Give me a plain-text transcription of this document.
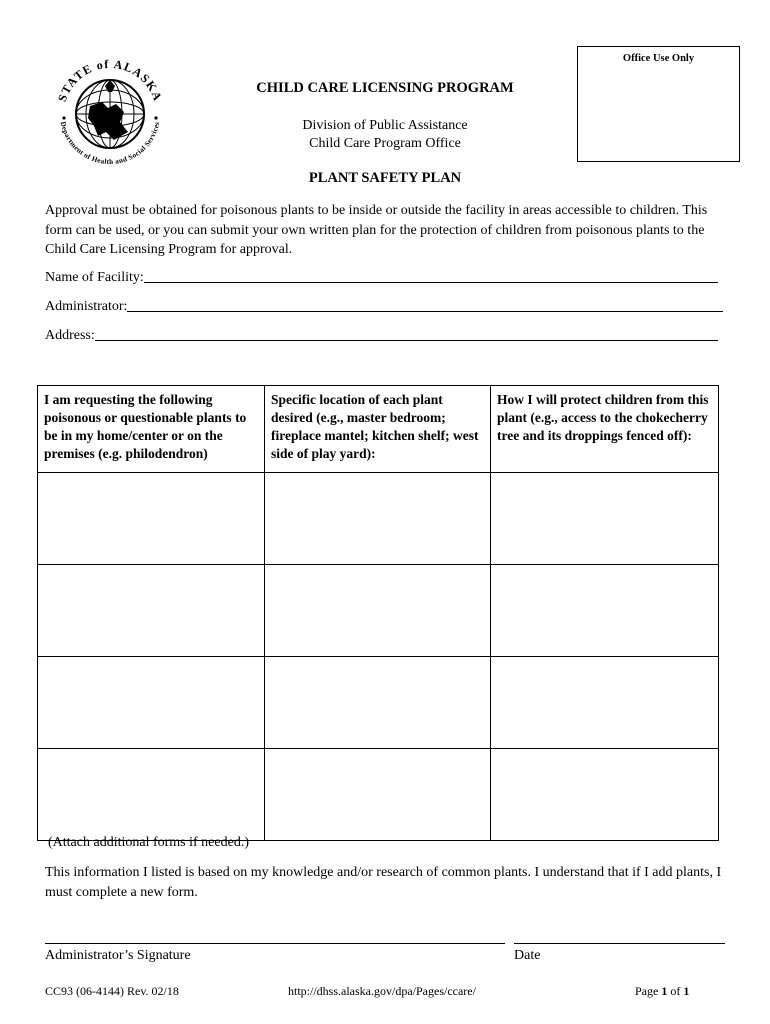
STATE of ALASKA
Department of Health and Social Services
Office Use Only
CHILD CARE LICENSING PROGRAM
Division of Public Assistance
Child Care Program Office
PLANT SAFETY PLAN
Approval must be obtained for poisonous plants to be inside or outside the facility in areas accessible to children. This form can be used, or you can submit your own written plan for the protection of children from poisonous plants to the Child Care Licensing Program for approval.
Name of Facility:
Administrator:
Address:
I am requesting the following poisonous or questionable plants to be in my home/center or on the premises (e.g. philodendron)	Specific location of each plant desired (e.g., master bedroom; fireplace mantel; kitchen shelf; west side of play yard):	How I will protect children from this plant (e.g., access to the chokecherry tree and its droppings fenced off):

(Attach additional forms if needed.)
This information I listed is based on my knowledge and/or research of common plants. I understand that if I add plants, I must complete a new form.
Administrator’s Signature	Date
CC93 (06-4144) Rev. 02/18	http://dhss.alaska.gov/dpa/Pages/ccare/	Page 1 of 1
